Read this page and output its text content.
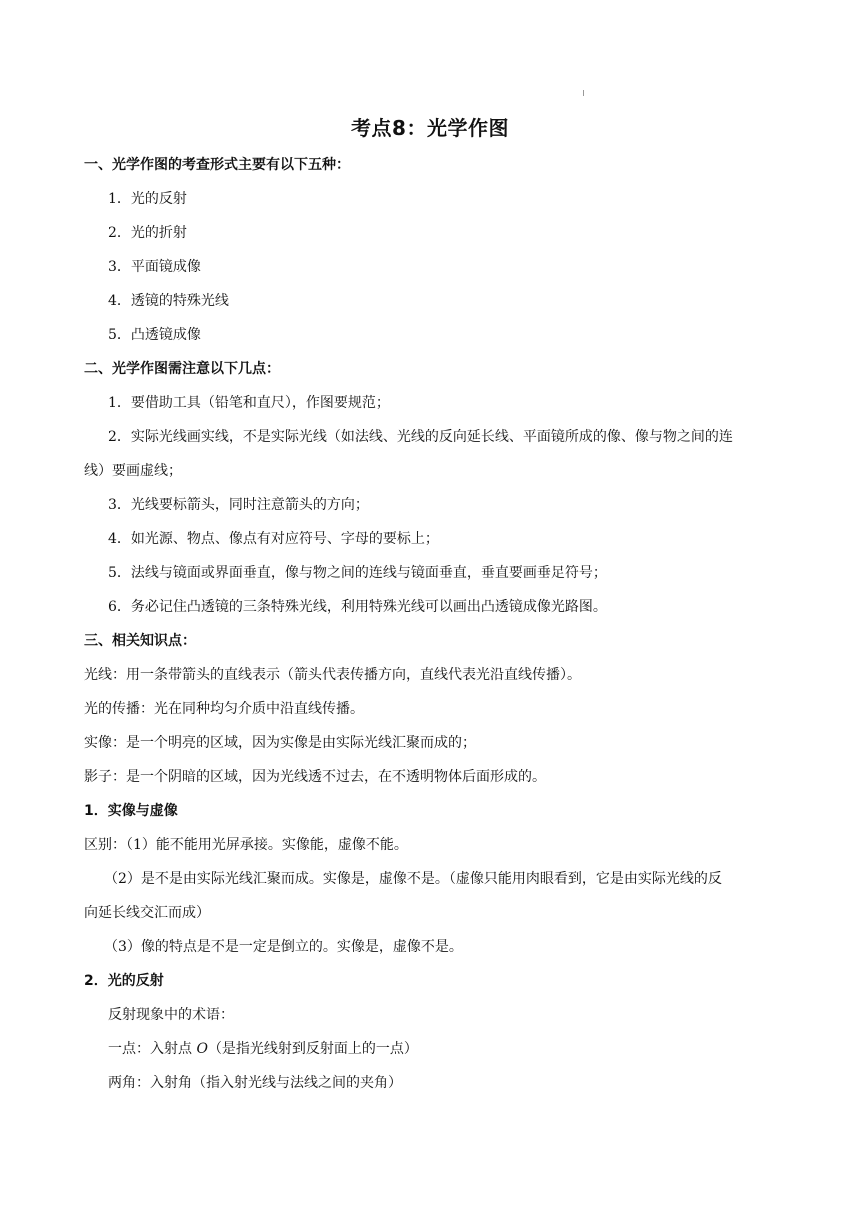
考点8：光学作图
一、光学作图的考查形式主要有以下五种：
1．光的反射
2．光的折射
3．平面镜成像
4．透镜的特殊光线
5．凸透镜成像
二、光学作图需注意以下几点：
1．要借助工具（铅笔和直尺），作图要规范；
2．实际光线画实线，不是实际光线（如法线、光线的反向延长线、平面镜所成的像、像与物之间的连
线）要画虚线；
3．光线要标箭头，同时注意箭头的方向；
4．如光源、物点、像点有对应符号、字母的要标上；
5．法线与镜面或界面垂直，像与物之间的连线与镜面垂直，垂直要画垂足符号；
6．务必记住凸透镜的三条特殊光线，利用特殊光线可以画出凸透镜成像光路图。
三、相关知识点：
光线：用一条带箭头的直线表示（箭头代表传播方向，直线代表光沿直线传播）。
光的传播：光在同种均匀介质中沿直线传播。
实像：是一个明亮的区域，因为实像是由实际光线汇聚而成的；
影子：是一个阴暗的区域，因为光线透不过去，在不透明物体后面形成的。
1．实像与虚像
区别：（1）能不能用光屏承接。实像能，虚像不能。
（2）是不是由实际光线汇聚而成。实像是，虚像不是。（虚像只能用肉眼看到，它是由实际光线的反
向延长线交汇而成）
（3）像的特点是不是一定是倒立的。实像是，虚像不是。
2．光的反射
反射现象中的术语：
一点：入射点 O（是指光线射到反射面上的一点）
两角：入射角（指入射光线与法线之间的夹角）
